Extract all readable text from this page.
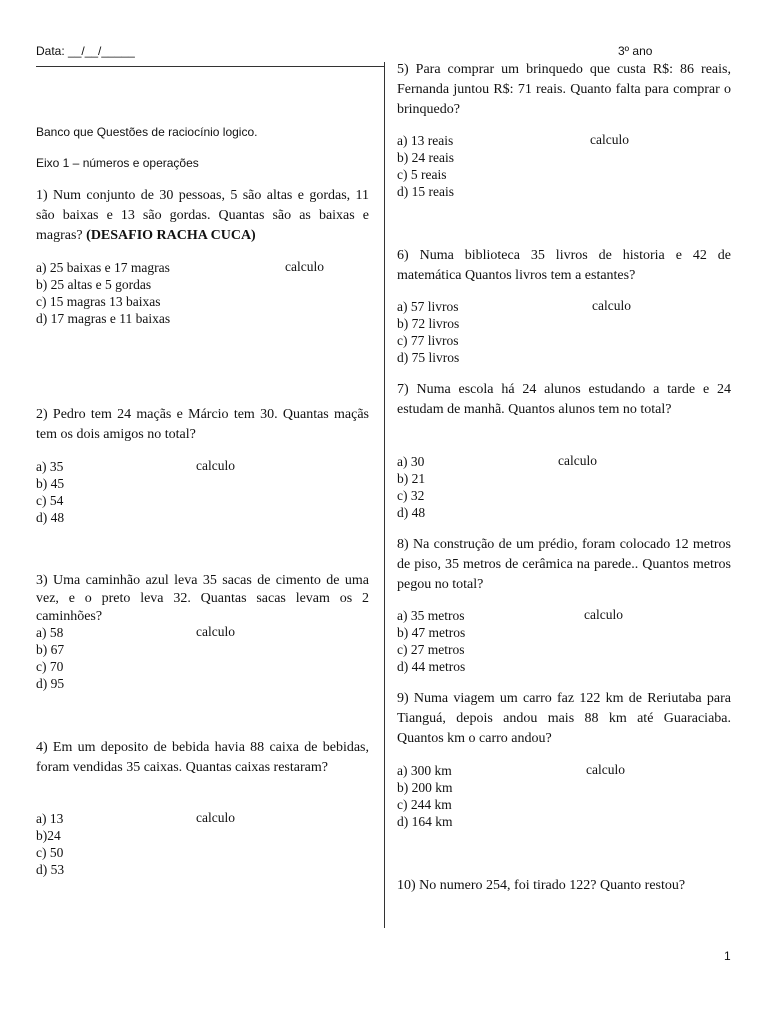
Data: __/__/_____	3º ano
Banco que Questões de raciocínio logico.
Eixo 1 – números e operações
1) Num conjunto de 30 pessoas, 5 são altas e gordas, 11 são baixas e 13 são gordas. Quantas são as baixas e magras? (DESAFIO RACHA CUCA)
a) 25 baixas e 17 magras
b) 25 altas e 5 gordas
c) 15 magras 13 baixas
d) 17 magras e 11 baixas
calculo
2) Pedro tem 24 maçãs e Márcio tem 30. Quantas maçãs tem os dois amigos no total?
a) 35
b) 45
c) 54
d) 48
calculo
3) Uma caminhão azul leva 35 sacas de cimento de uma vez, e o preto leva 32. Quantas sacas levam os 2 caminhões?
a) 58
b) 67
c) 70
d) 95
calculo
4) Em um deposito de bebida havia 88 caixa de bebidas, foram vendidas 35 caixas. Quantas caixas restaram?
a) 13
b)24
c) 50
d) 53
calculo
5) Para comprar um brinquedo que custa R$: 86 reais, Fernanda juntou R$: 71 reais. Quanto falta para comprar o brinquedo?
a) 13 reais
b) 24 reais
c) 5 reais
d) 15 reais
calculo
6) Numa biblioteca 35 livros de historia e 42 de matemática Quantos livros tem a estantes?
a) 57 livros
b) 72 livros
c) 77 livros
d) 75 livros
calculo
7) Numa escola há 24 alunos estudando a tarde e 24 estudam de manhã. Quantos alunos tem no total?
a) 30
b) 21
c) 32
d) 48
calculo
8) Na construção de um prédio, foram colocado 12 metros de piso, 35 metros de cerâmica na parede.. Quantos metros pegou no total?
a) 35 metros
b) 47 metros
c) 27 metros
d) 44 metros
calculo
9) Numa viagem um carro faz 122 km de Reriutaba para Tianguá, depois andou mais 88 km até Guaraciaba. Quantos km o carro andou?
a) 300 km
b) 200 km
c) 244 km
d) 164 km
calculo
10) No numero 254, foi tirado 122? Quanto restou?
1
